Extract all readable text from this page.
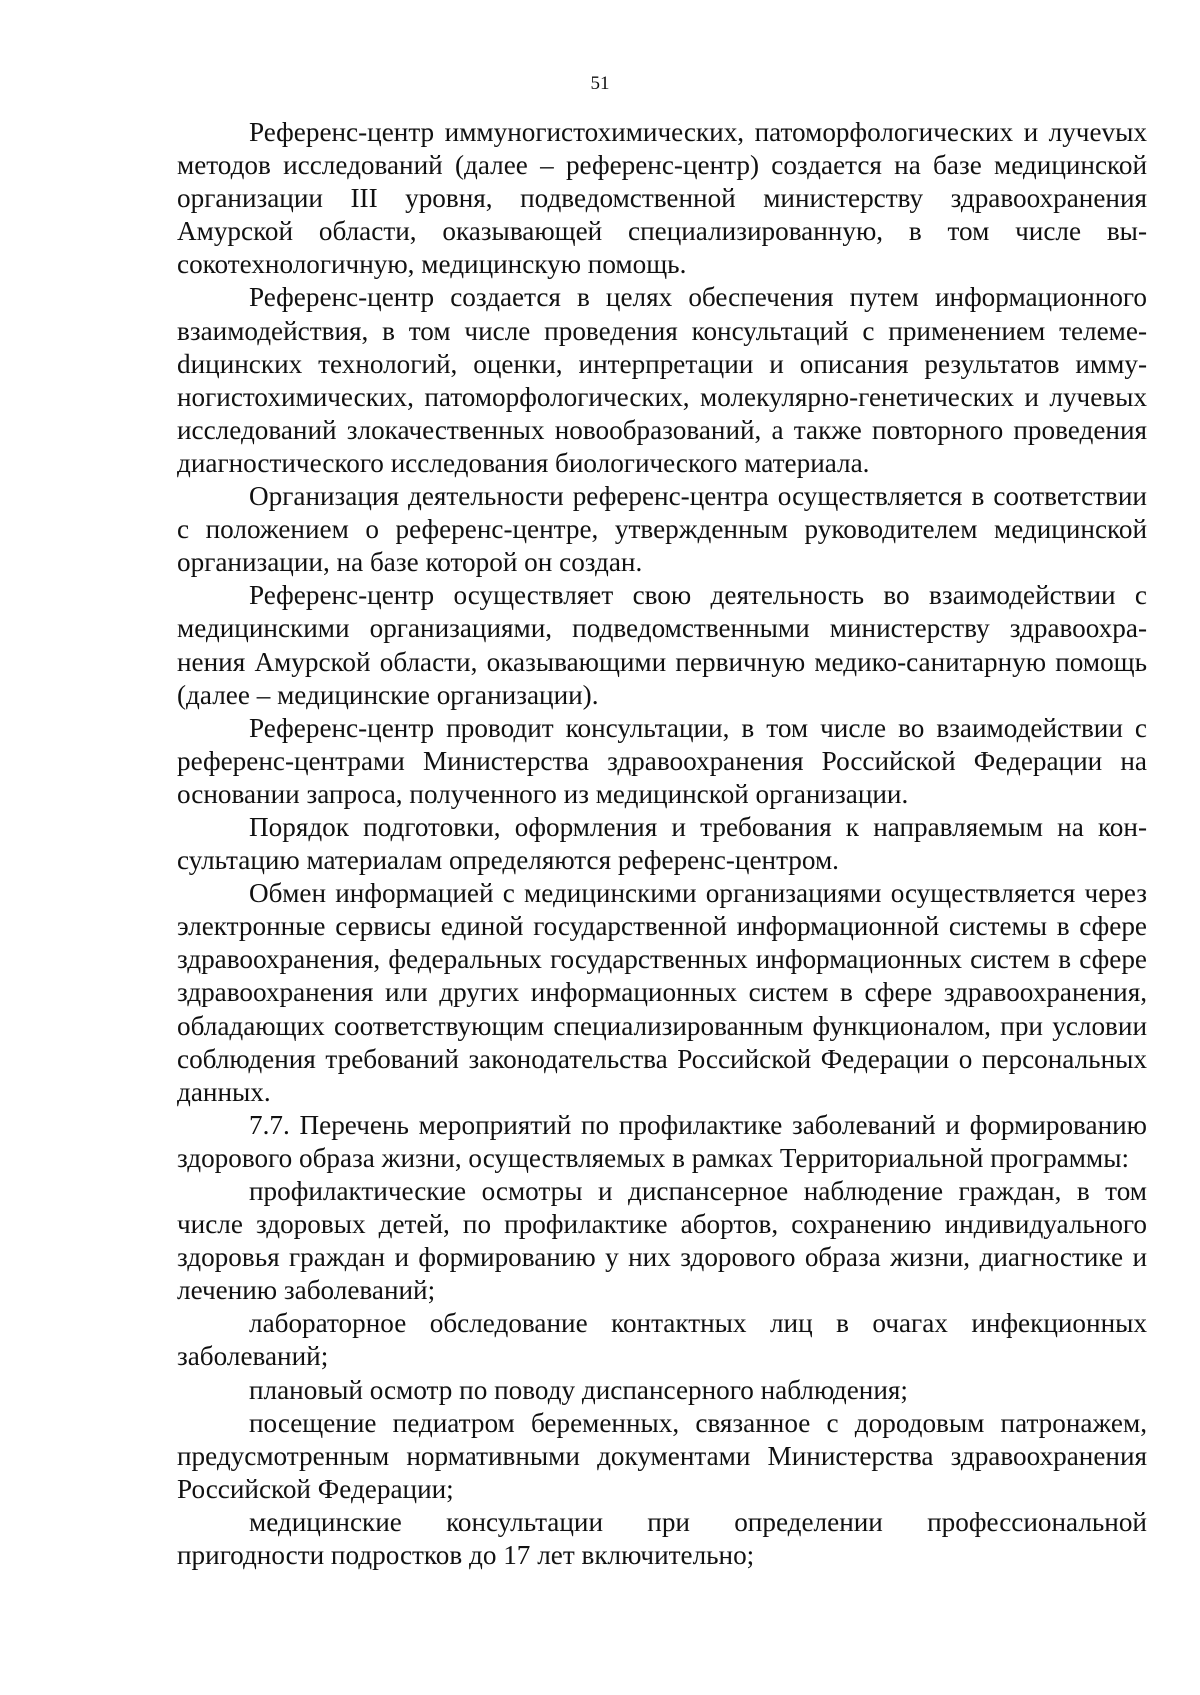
51

Референс-центр иммуногистохимических, патоморфологических и лучеvых методов исследований (далее – референс-центр) создается на базе медицинской организации III уровня, подведомственной министерству здравоохранения Амурской области, оказывающей специализированную, в том числе высокотехнологичную, медицинскую помощь.

Референс-центр создается в целях обеспечения путем информационного взаимодействия, в том числе проведения консультаций с применением телемеdицинских технологий, оценки, интерпретации и описания результатов иммуногистохимических, патоморфологических, молекулярно-генетических и лучевых исследований злокачественных новообразований, а также повторного проведения диагностического исследования биологического материала.

Организация деятельности референс-центра осуществляется в соответствии с положением о референс-центре, утвержденным руководителем медицинской организации, на базе которой он создан.

Референс-центр осуществляет свою деятельность во взаимодействии с медицинскими организациями, подведомственными министерству здравоохранения Амурской области, оказывающими первичную медико-санитарную помощь (далее – медицинские организации).

Референс-центр проводит консультации, в том числе во взаимодействии с референс-центрами Министерства здравоохранения Российской Федерации на основании запроса, полученного из медицинской организации.

Порядок подготовки, оформления и требования к направляемым на консультацию материалам определяются референс-центром.

Обмен информацией с медицинскими организациями осуществляется через электронные сервисы единой государственной информационной системы в сфере здравоохранения, федеральных государственных информационных систем в сфере здравоохранения или других информационных систем в сфере здравоохранения, обладающих соответствующим специализированным функционалом, при условии соблюдения требований законодательства Российской Федерации о персональных данных.

7.7. Перечень мероприятий по профилактике заболеваний и формированию здорового образа жизни, осуществляемых в рамках Территориальной программы:

профилактические осмотры и диспансерное наблюдение граждан, в том числе здоровых детей, по профилактике абортов, сохранению индивидуального здоровья граждан и формированию у них здорового образа жизни, диагностике и лечению заболеваний;

лабораторное обследование контактных лиц в очагах инфекционных заболеваний;

плановый осмотр по поводу диспансерного наблюдения;

посещение педиатром беременных, связанное с дородовым патронажем, предусмотренным нормативными документами Министерства здравоохранения Российской Федерации;

медицинские консультации при определении профессиональной пригодности подростков до 17 лет включительно;
